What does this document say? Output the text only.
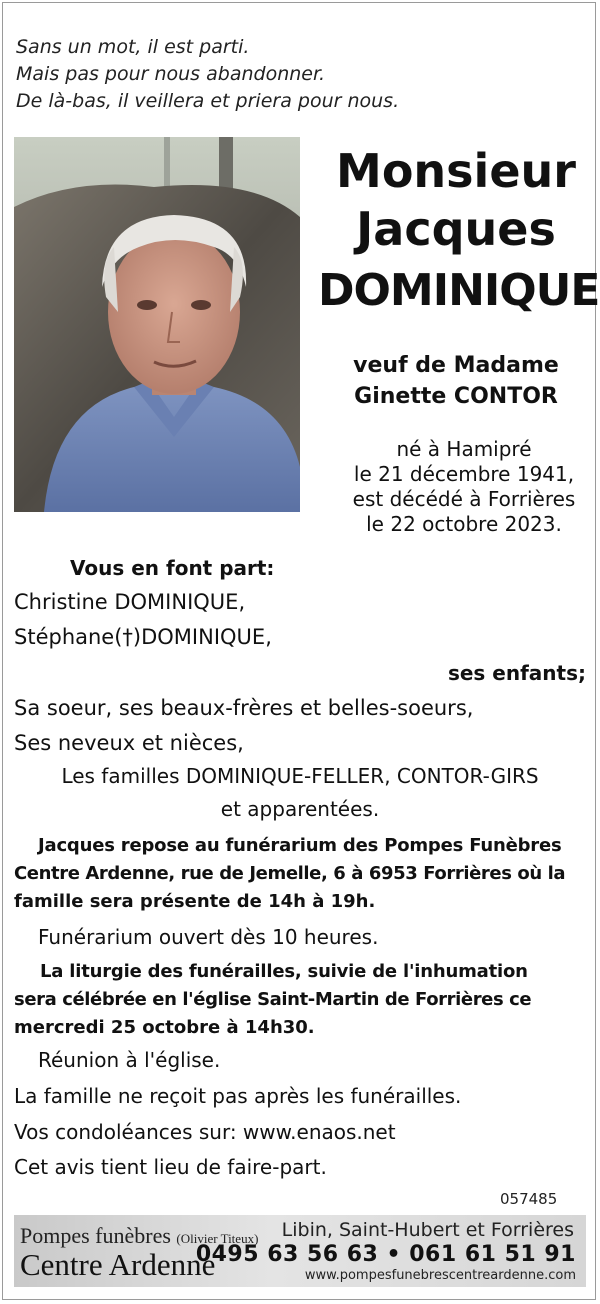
Sans un mot, il est parti.
Mais pas pour nous abandonner.
De là-bas, il veillera et priera pour nous.
Monsieur
Jacques
DOMINIQUE
veuf de Madame
Ginette CONTOR
né à Hamipré
le 21 décembre 1941,
est décédé à Forrières
le 22 octobre 2023.
Vous en font part:
Christine DOMINIQUE,
Stéphane(†)DOMINIQUE,
ses enfants;
Sa soeur, ses beaux-frères et belles-soeurs,
Ses neveux et nièces,
Les familles DOMINIQUE-FELLER, CONTOR-GIRS
et apparentées.
Jacques repose au funérarium des Pompes Funèbres
Centre Ardenne, rue de Jemelle, 6 à 6953 Forrières où la
famille sera présente de 14h à 19h.
Funérarium ouvert dès 10 heures.
La liturgie des funérailles, suivie de l'inhumation
sera célébrée en l'église Saint-Martin de Forrières ce
mercredi 25 octobre à 14h30.
Réunion à l'église.
La famille ne reçoit pas après les funérailles.
Vos condoléances sur: www.enaos.net
Cet avis tient lieu de faire-part.
057485
Pompes funèbres (Olivier Titeux)
Centre Ardenne
Libin, Saint-Hubert et Forrières
0495 63 56 63 • 061 61 51 91
www.pompesfunebrescentreardenne.com
